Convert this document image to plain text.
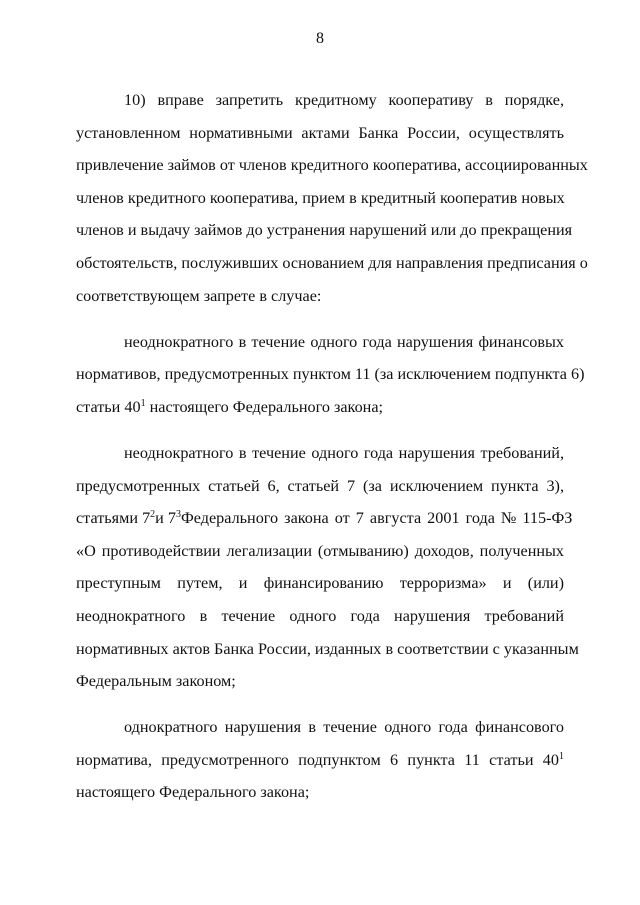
8
10) вправе запретить кредитному кооперативу в порядке,
установленном нормативными актами Банка России, осуществлять
привлечение займов от членов кредитного кооператива, ассоциированных
членов кредитного кооператива, прием в кредитный кооператив новых
членов и выдачу займов до устранения нарушений или до прекращения
обстоятельств, послуживших основанием для направления предписания о
соответствующем запрете в случае:
неоднократного в течение одного года нарушения финансовых
нормативов, предусмотренных пунктом 11 (за исключением подпункта 6)
статьи $40^1$ настоящего Федерального закона;
неоднократного в течение одного года нарушения требований,
предусмотренных статьей 6, статьей 7 (за исключением пункта 3),
статьями $7^2$ и $7^3$ Федерального закона от 7 августа 2001 года № 115-ФЗ
«О противодействии легализации (отмыванию) доходов, полученных
преступным путем, и финансированию терроризма» и (или)
неоднократного в течение одного года нарушения требований
нормативных актов Банка России, изданных в соответствии с указанным
Федеральным законом;
однократного нарушения в течение одного года финансового
норматива, предусмотренного подпунктом 6 пункта 11 статьи $40^1$
настоящего Федерального закона;
